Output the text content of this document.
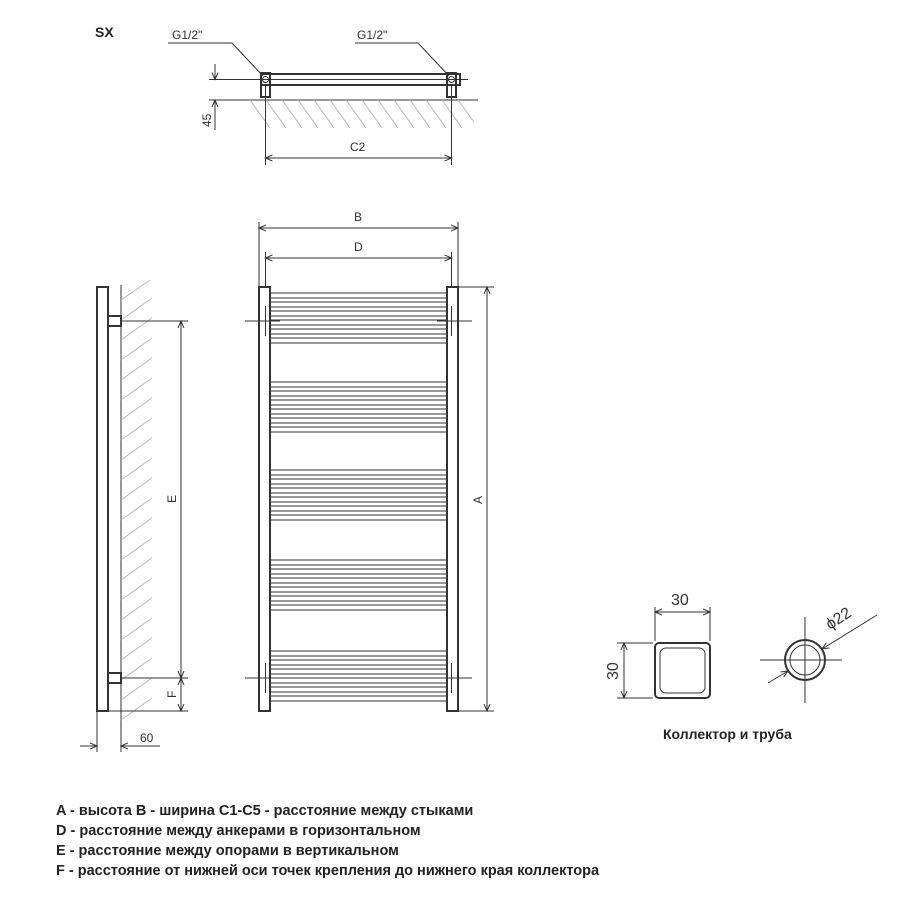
SX	G1/2"	G1/2"
45
C2
E
F
60
B
D
A
30
30
ϕ22
Коллектор и труба
A - высота B - ширина C1-C5 - расстояние между стыками
D - расстояние между анкерами в горизонтальном
E - расстояние между опорами в вертикальном
F - расстояние от нижней оси точек крепления до нижнего края коллектора
